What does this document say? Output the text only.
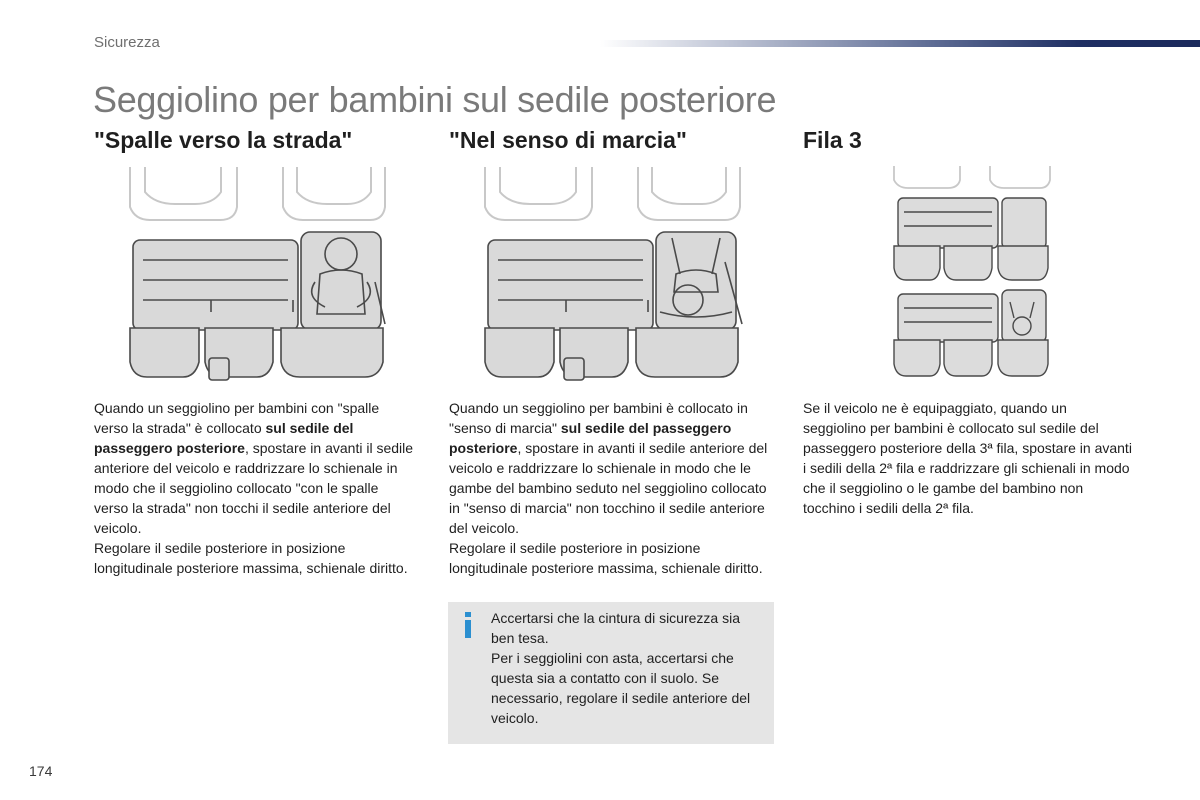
Sicurezza
Seggiolino per bambini sul sedile posteriore
"Spalle verso la strada"	"Nel senso di marcia"	Fila 3

Quando un seggiolino per bambini con "spalle verso la strada" è collocato sul sedile del passeggero posteriore, spostare in avanti il sedile anteriore del veicolo e raddrizzare lo schienale in modo che il seggiolino collocato "con le spalle verso la strada" non tocchi il sedile anteriore del veicolo.

Regolare il sedile posteriore in posizione longitudinale posteriore massima, schienale diritto.

Quando un seggiolino per bambini è collocato in "senso di marcia" sul sedile del passeggero posteriore, spostare in avanti il sedile anteriore del veicolo e raddrizzare lo schienale in modo che le gambe del bambino seduto nel seggiolino collocato in "senso di marcia" non tocchino il sedile anteriore del veicolo.

Regolare il sedile posteriore in posizione longitudinale posteriore massima, schienale diritto.

Se il veicolo ne è equipaggiato, quando un seggiolino per bambini è collocato sul sedile del passeggero posteriore della 3ª fila, spostare in avanti i sedili della 2ª fila e raddrizzare gli schienali in modo che il seggiolino o le gambe del bambino non tocchino i sedili della 2ª fila.

Accertarsi che la cintura di sicurezza sia ben tesa.

Per i seggiolini con asta, accertarsi che questa sia a contatto con il suolo. Se necessario, regolare il sedile anteriore del veicolo.

174
